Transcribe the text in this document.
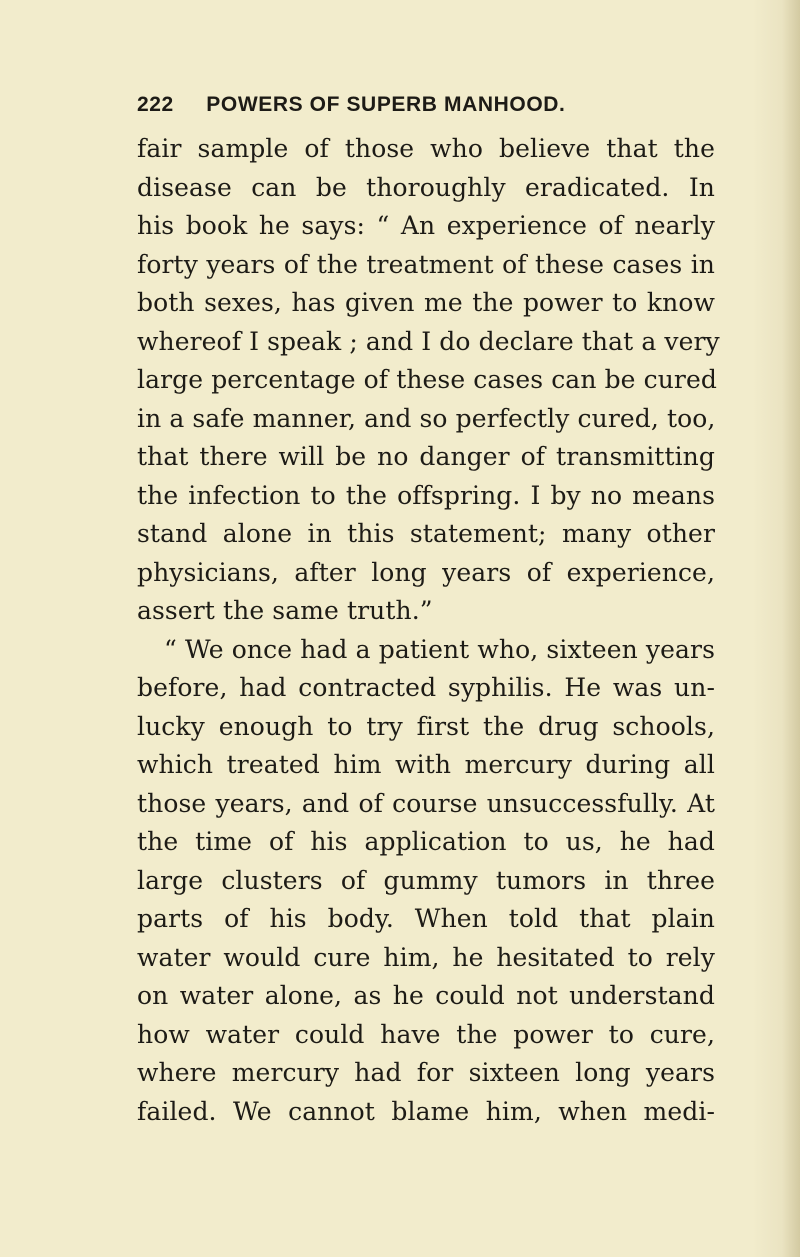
222 POWERS OF SUPERB MANHOOD.
fair sample of those who believe that the
disease can be thoroughly eradicated. In
his book he says: “ An experience of nearly
forty years of the treatment of these cases in
both sexes, has given me the power to know
whereof I speak ; and I do declare that a very
large percentage of these cases can be cured
in a safe manner, and so perfectly cured, too,
that there will be no danger of transmitting
the infection to the offspring. I by no means
stand alone in this statement; many other
physicians, after long years of experience,
assert the same truth.”
“ We once had a patient who, sixteen years
before, had contracted syphilis. He was un-
lucky enough to try first the drug schools,
which treated him with mercury during all
those years, and of course unsuccessfully. At
the time of his application to us, he had
large clusters of gummy tumors in three
parts of his body. When told that plain
water would cure him, he hesitated to rely
on water alone, as he could not understand
how water could have the power to cure,
where mercury had for sixteen long years
failed. We cannot blame him, when medi-
